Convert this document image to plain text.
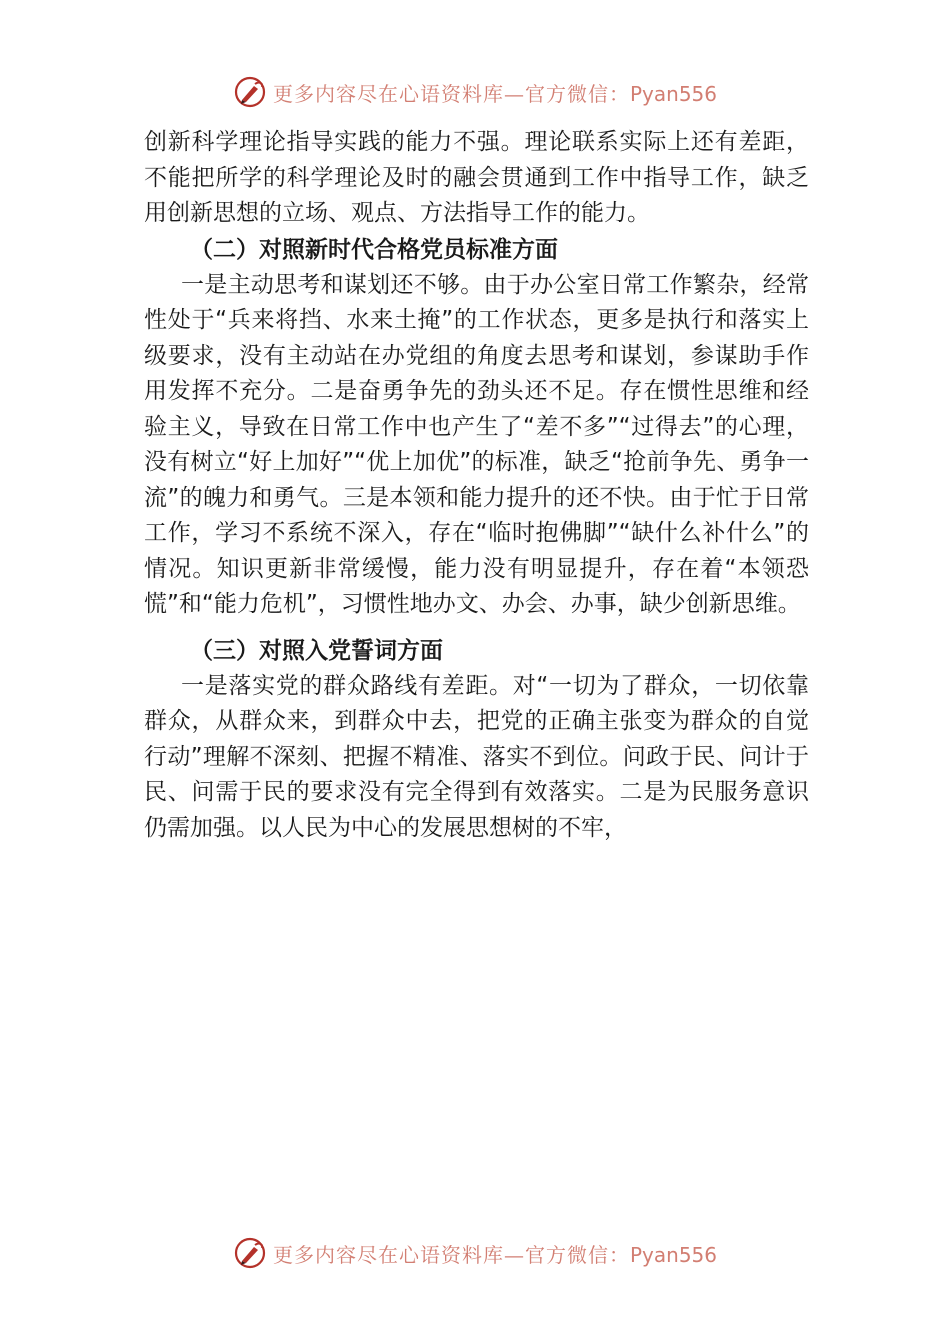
更多内容尽在心语资料库—官方微信：Pyan556

创新科学理论指导实践的能力不强。理论联系实际上还有差距，不能把所学的科学理论及时的融会贯通到工作中指导工作，缺乏用创新思想的立场、观点、方法指导工作的能力。

（二）对照新时代合格党员标准方面

一是主动思考和谋划还不够。由于办公室日常工作繁杂，经常性处于“兵来将挡、水来土掩”的工作状态，更多是执行和落实上级要求，没有主动站在办党组的角度去思考和谋划，参谋助手作用发挥不充分。二是奋勇争先的劲头还不足。存在惯性思维和经验主义，导致在日常工作中也产生了“差不多”“过得去”的心理，没有树立“好上加好”“优上加优”的标准，缺乏“抢前争先、勇争一流”的魄力和勇气。三是本领和能力提升的还不快。由于忙于日常工作，学习不系统不深入，存在“临时抱佛脚”“缺什么补什么”的情况。知识更新非常缓慢，能力没有明显提升，存在着“本领恐慌”和“能力危机”，习惯性地办文、办会、办事，缺少创新思维。

（三）对照入党誓词方面

一是落实党的群众路线有差距。对“一切为了群众，一切依靠群众，从群众来，到群众中去，把党的正确主张变为群众的自觉行动”理解不深刻、把握不精准、落实不到位。问政于民、问计于民、问需于民的要求没有完全得到有效落实。二是为民服务意识仍需加强。以人民为中心的发展思想树的不牢，

更多内容尽在心语资料库—官方微信：Pyan556
